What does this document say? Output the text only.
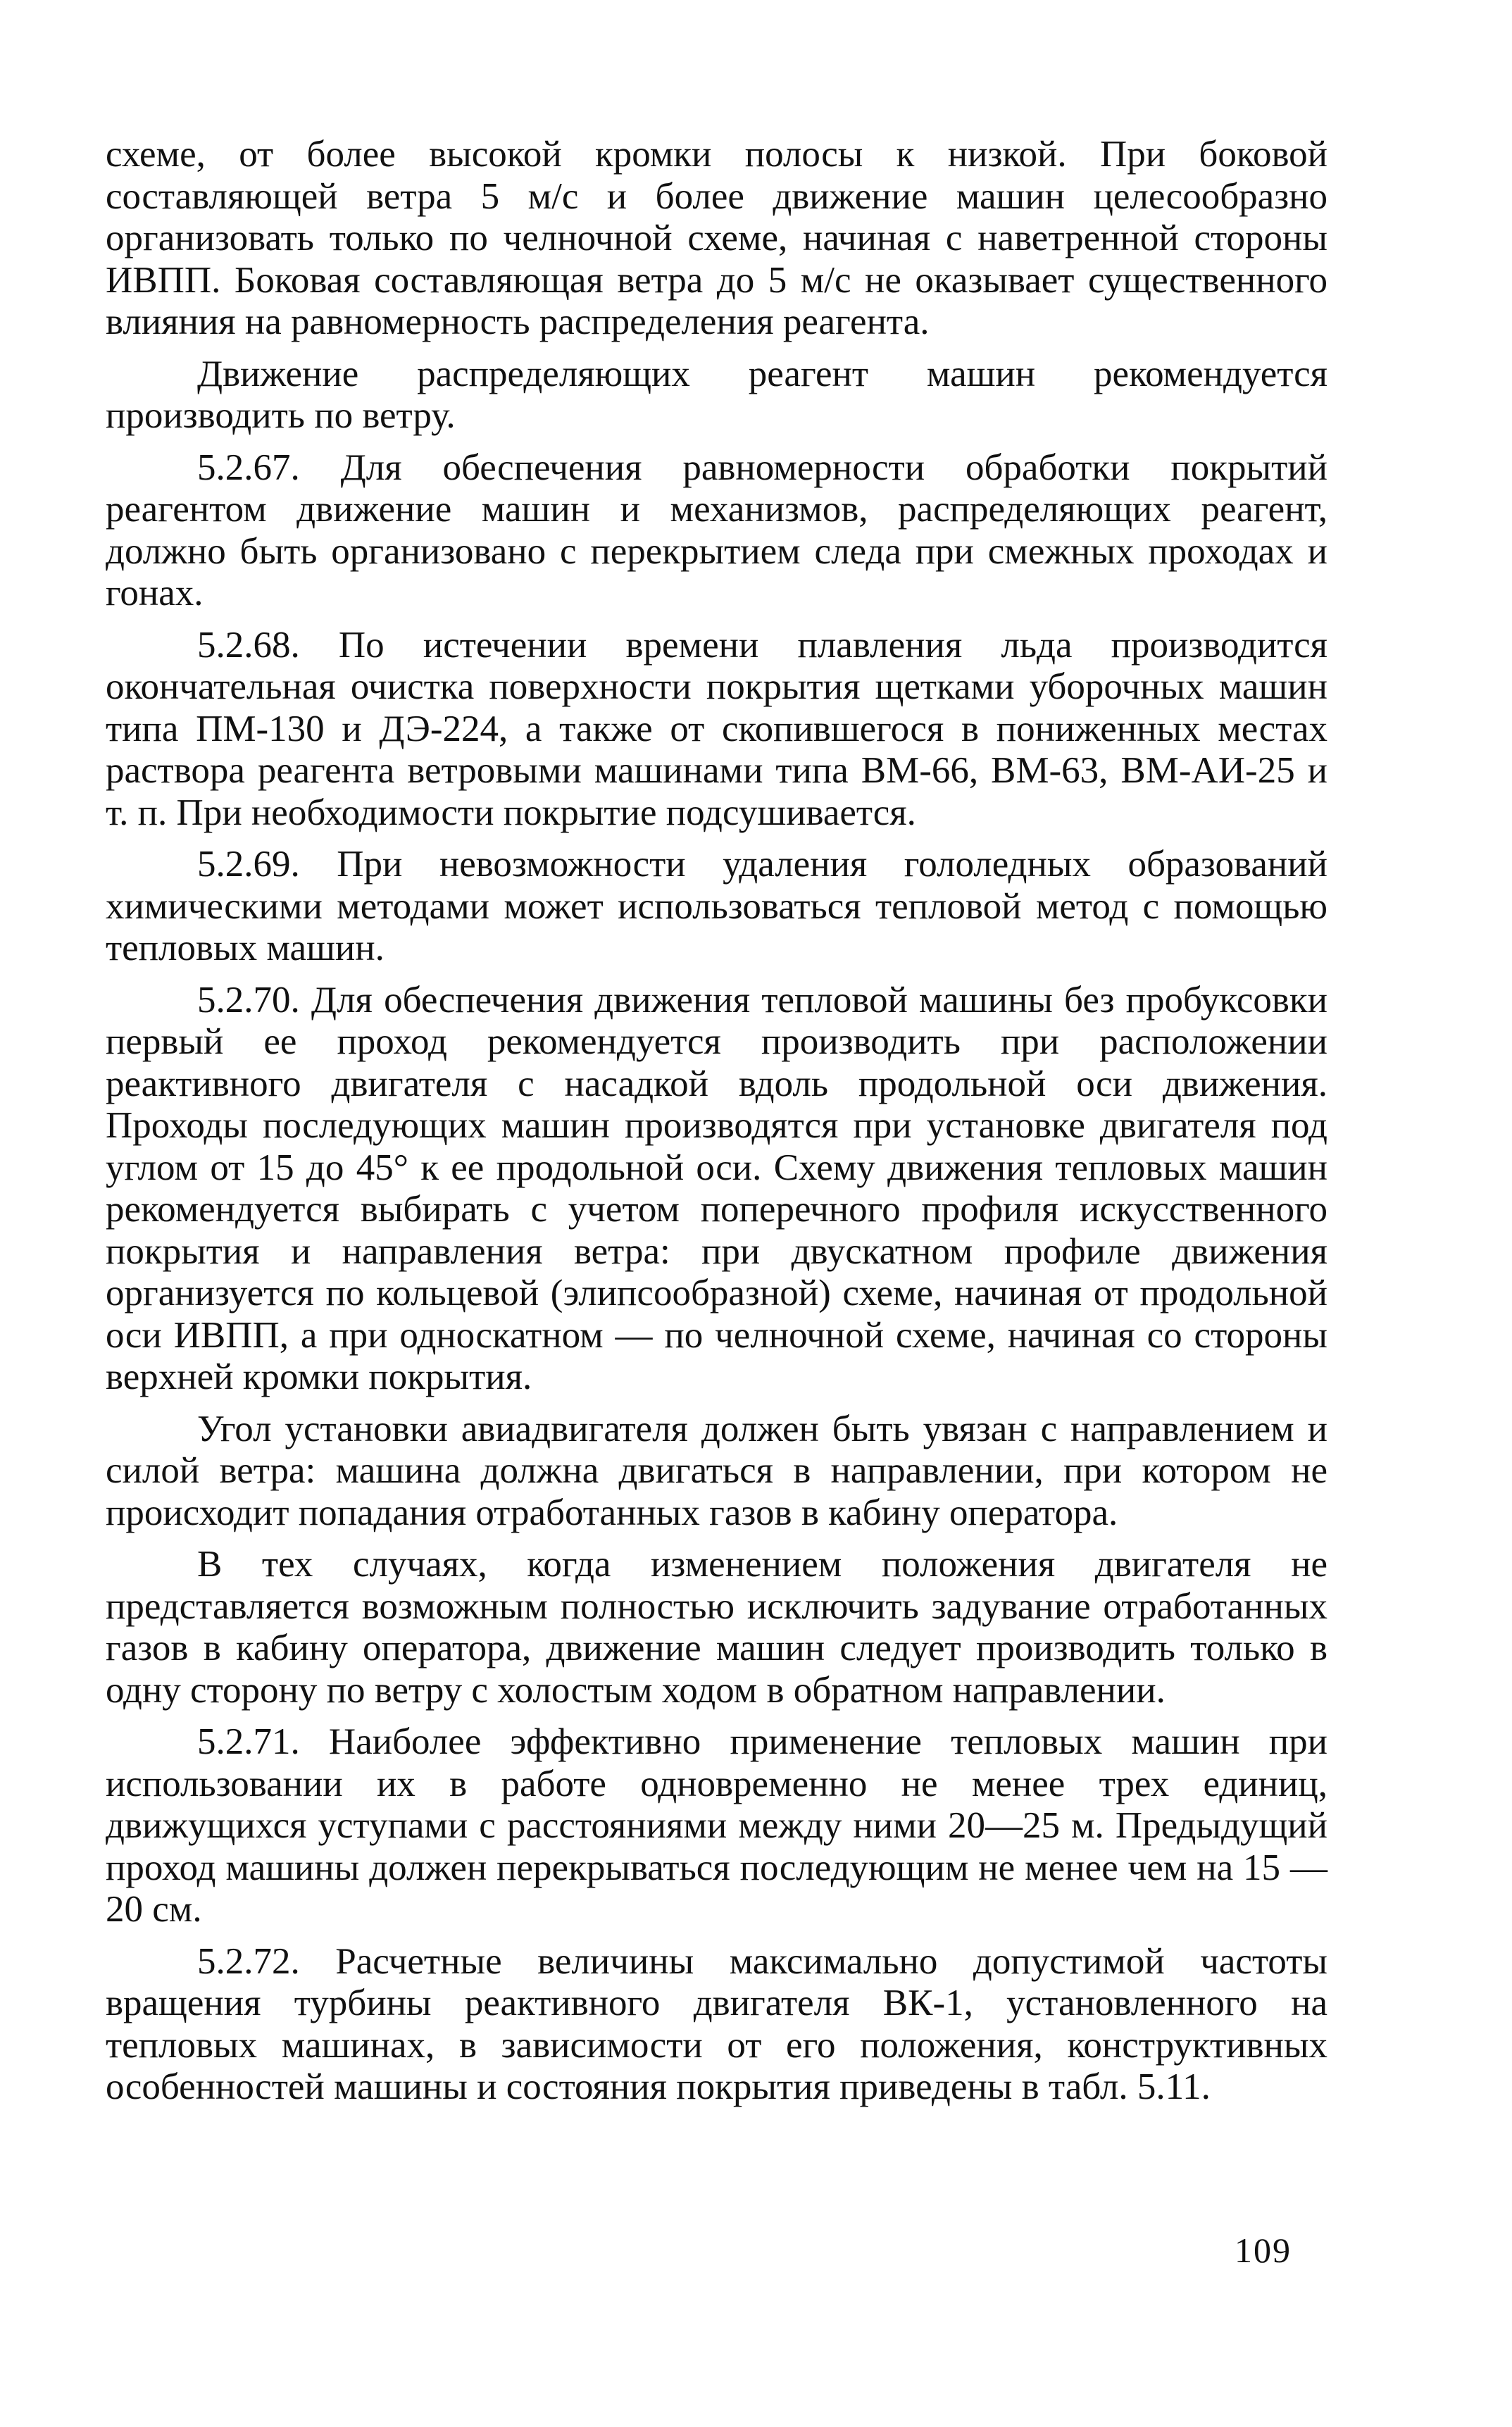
схеме, от более высокой кромки полосы к низкой. При боковой составляющей ветра 5 м/с и более движение машин целесообразно организовать только по челночной схеме, начиная с наветренной стороны ИВПП. Боковая составляющая ветра до 5 м/с не оказывает существенного влияния на равномерность распределения реагента.

Движение распределяющих реагент машин рекомендуется производить по ветру.

5.2.67. Для обеспечения равномерности обработки покрытий реагентом движение машин и механизмов, распределяющих реагент, должно быть организовано с перекрытием следа при смежных проходах и гонах.

5.2.68. По истечении времени плавления льда производится окончательная очистка поверхности покрытия щетками уборочных машин типа ПМ-130 и ДЭ-224, а также от скопившегося в пониженных местах раствора реагента ветровыми машинами типа ВМ-66, ВМ-63, ВМ-АИ-25 и т. п. При необходимости покрытие подсушивается.

5.2.69. При невозможности удаления гололедных образований химическими методами может использоваться тепловой метод с помощью тепловых машин.

5.2.70. Для обеспечения движения тепловой машины без пробуксовки первый ее проход рекомендуется производить при расположении реактивного двигателя с насадкой вдоль продольной оси движения. Проходы последующих машин производятся при установке двигателя под углом от 15 до 45° к ее продольной оси. Схему движения тепловых машин рекомендуется выбирать с учетом поперечного профиля искусственного покрытия и направления ветра: при двускатном профиле движения организуется по кольцевой (элипсообразной) схеме, начиная от продольной оси ИВПП, а при односкатном — по челночной схеме, начиная со стороны верхней кромки покрытия.

Угол установки авиадвигателя должен быть увязан с направлением и силой ветра: машина должна двигаться в направлении, при котором не происходит попадания отработанных газов в кабину оператора.

В тех случаях, когда изменением положения двигателя не представляется возможным полностью исключить задувание отработанных газов в кабину оператора, движение машин следует производить только в одну сторону по ветру с холостым ходом в обратном направлении.

5.2.71. Наиболее эффективно применение тепловых машин при использовании их в работе одновременно не менее трех единиц, движущихся уступами с расстояниями между ними 20—25 м. Предыдущий проход машины должен перекрываться последующим не менее чем на 15 — 20 см.

5.2.72. Расчетные величины максимально допустимой частоты вращения турбины реактивного двигателя ВК-1, установленного на тепловых машинах, в зависимости от его положения, конструктивных особенностей машины и состояния покрытия приведены в табл. 5.11.

109
